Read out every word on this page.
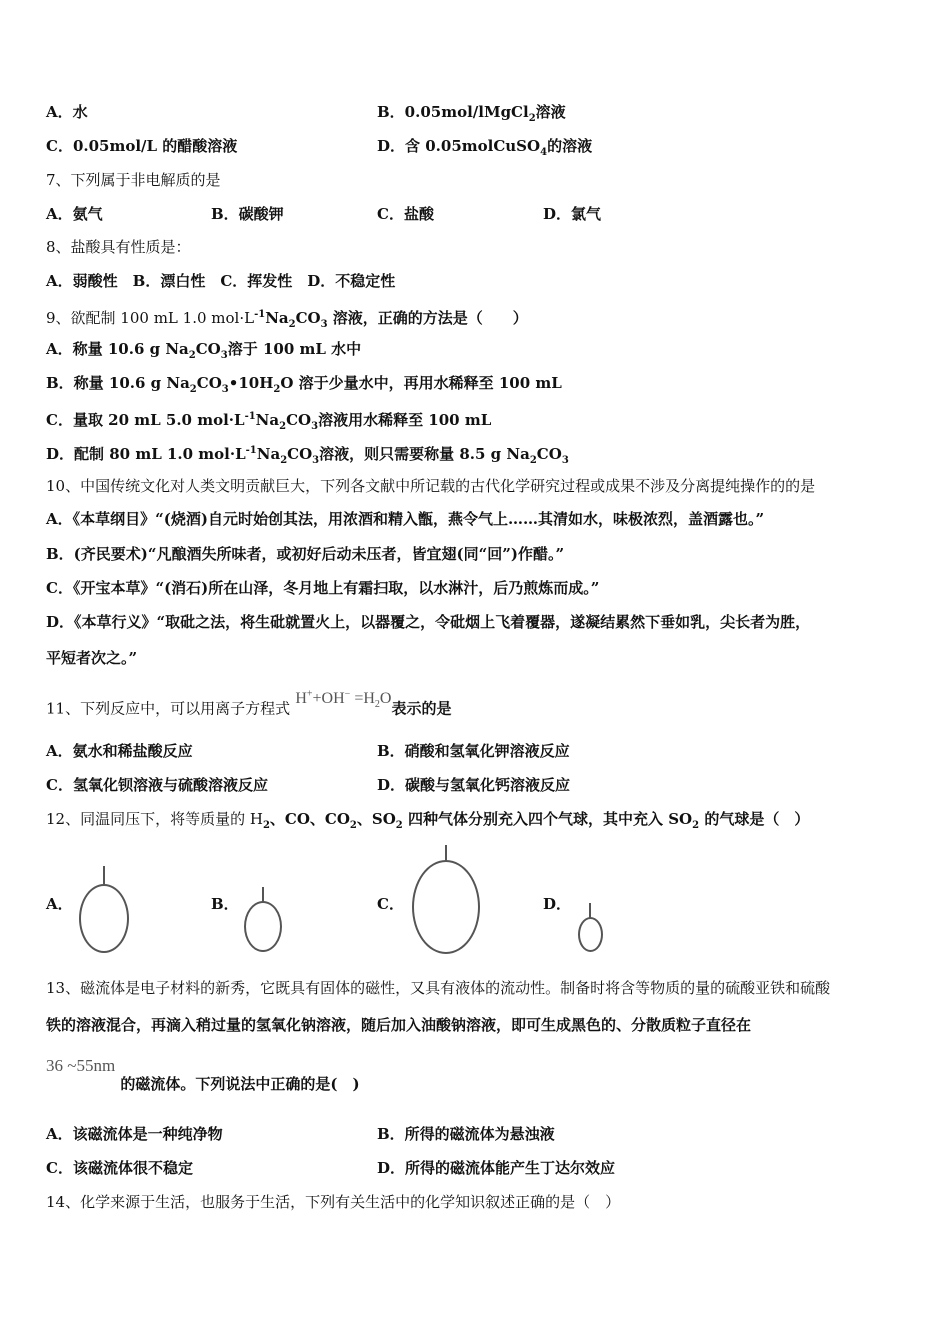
A．水	B．0.05mol/lMgCl$_2$溶液
C．0.05mol/L 的醋酸溶液	D．含 0.05molCuSO$_4$的溶液
7、下列属于非电解质的是
A．氨气	B．碳酸钾	C．盐酸	D．氯气
8、盐酸具有性质是：
A．弱酸性　B．漂白性　C．挥发性　D．不稳定性
9、欲配制 100 mL 1.0 $mol\cdot L^{-1}Na_2CO_3$ 溶液，正确的方法是（　　）
A．称量 10.6 g $Na_2CO_3$溶于 100 mL 水中
B．称量 10.6 g $Na_2CO_3•10H_2O$ 溶于少量水中，再用水稀释至 100 mL
C．量取 20 mL 5.0 $mol\cdot L^{-1}Na_2CO_3$溶液用水稀释至 100 mL
D．配制 80 mL 1.0 $mol\cdot L^{-1}Na_2CO_3$溶液，则只需要称量 8.5 g $Na_2CO_3$
10、中国传统文化对人类文明贡献巨大，下列各文献中所记载的古代化学研究过程或成果不涉及分离提纯操作的的是
A．《本草纲目》“(烧酒)自元时始创其法，用浓酒和精入甑，燕令气上……其清如水，味极浓烈，盖酒露也。”
B．(齐民要术)“凡酿酒失所味者，或初好后动未压者，皆宜翅(同“回”)作醋。”
C．《开宝本草》“(消石)所在山泽，冬月地上有霜扫取，以水淋汁，后乃煎炼而成。”
D．《本草行义》“取砒之法，将生砒就置火上，以器覆之，令砒烟上飞着覆器，遂凝结累然下垂如乳，尖长者为胜，
平短者次之。”
11、下列反应中，可以用离子方程式 $H^++OH^- =H_2O$表示的是
A．氨水和稀盐酸反应	B．硝酸和氢氧化钾溶液反应
C．氢氧化钡溶液与硫酸溶液反应	D．碳酸与氢氧化钙溶液反应
12、同温同压下，将等质量的 $H_2$、CO、$CO_2$、$SO_2$ 四种气体分别充入四个气球，其中充入 $SO_2$ 的气球是（　）
A．	B．	C．	D．
13、磁流体是电子材料的新秀，它既具有固体的磁性，又具有液体的流动性。制备时将含等物质的量的硫酸亚铁和硫酸
铁的溶液混合，再滴入稍过量的氢氧化钠溶液，随后加入油酸钠溶液，即可生成黑色的、分散质粒子直径在
36 ~55nm 的磁流体。下列说法中正确的是(　)
A．该磁流体是一种纯净物	B．所得的磁流体为悬浊液
C．该磁流体很不稳定	D．所得的磁流体能产生丁达尔效应
14、化学来源于生活，也服务于生活，下列有关生活中的化学知识叙述正确的是（　）
